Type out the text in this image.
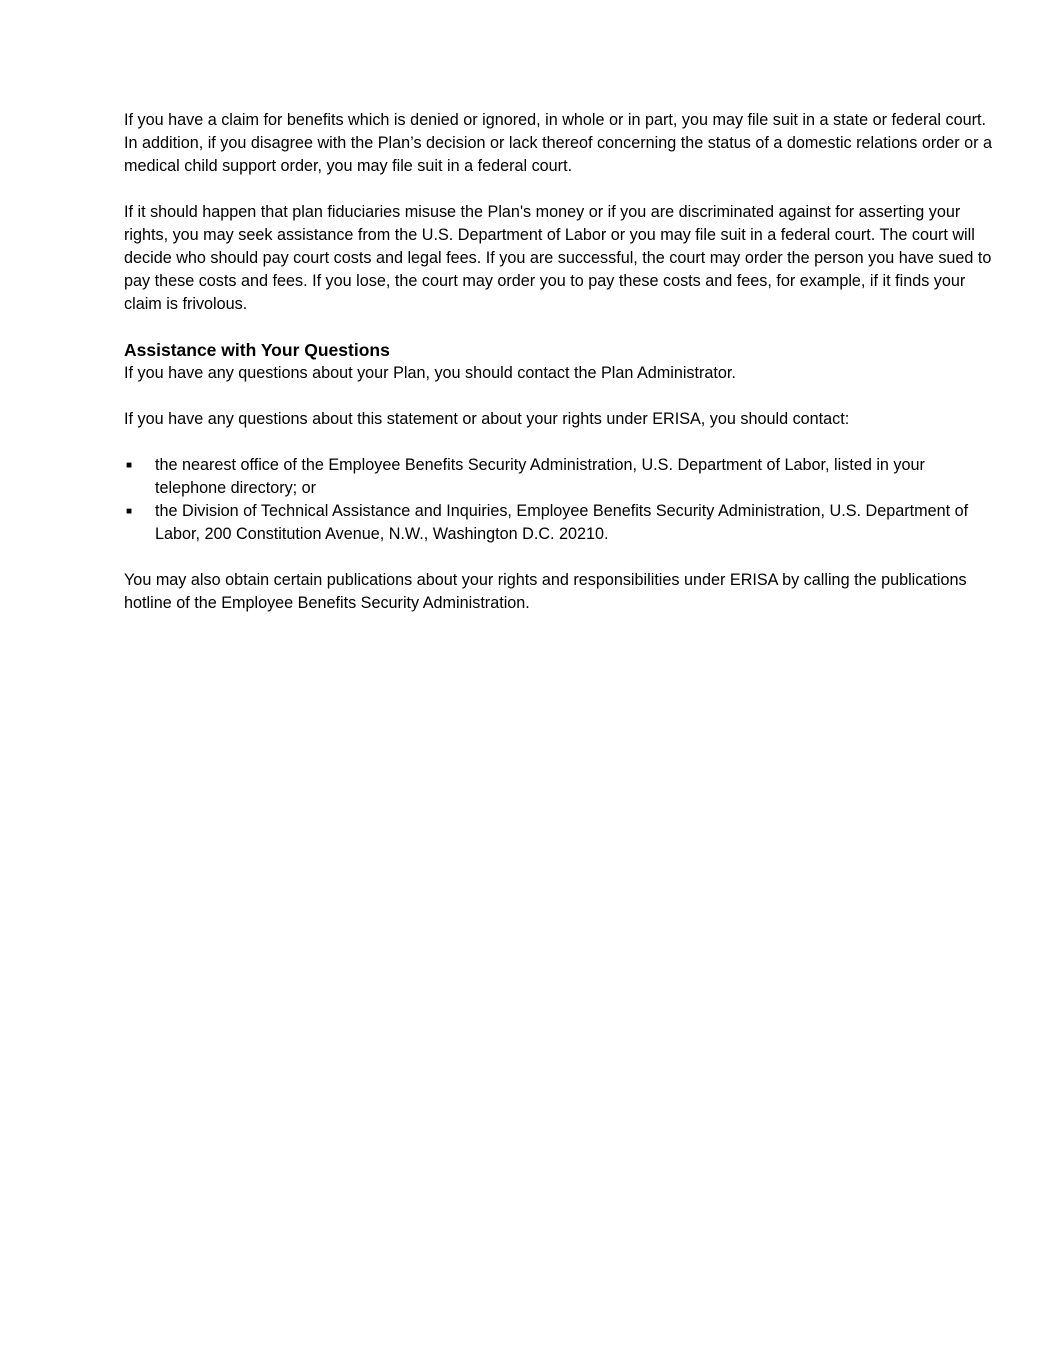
If you have a claim for benefits which is denied or ignored, in whole or in part, you may file suit in a state or federal court. In addition, if you disagree with the Plan’s decision or lack thereof concerning the status of a domestic relations order or a medical child support order, you may file suit in a federal court.

If it should happen that plan fiduciaries misuse the Plan's money or if you are discriminated against for asserting your rights, you may seek assistance from the U.S. Department of Labor or you may file suit in a federal court. The court will decide who should pay court costs and legal fees. If you are successful, the court may order the person you have sued to pay these costs and fees. If you lose, the court may order you to pay these costs and fees, for example, if it finds your claim is frivolous.

Assistance with Your Questions

If you have any questions about your Plan, you should contact the Plan Administrator.

If you have any questions about this statement or about your rights under ERISA, you should contact:

■ the nearest office of the Employee Benefits Security Administration, U.S. Department of Labor, listed in your telephone directory; or
■ the Division of Technical Assistance and Inquiries, Employee Benefits Security Administration, U.S. Department of Labor, 200 Constitution Avenue, N.W., Washington D.C. 20210.

You may also obtain certain publications about your rights and responsibilities under ERISA by calling the publications hotline of the Employee Benefits Security Administration.
